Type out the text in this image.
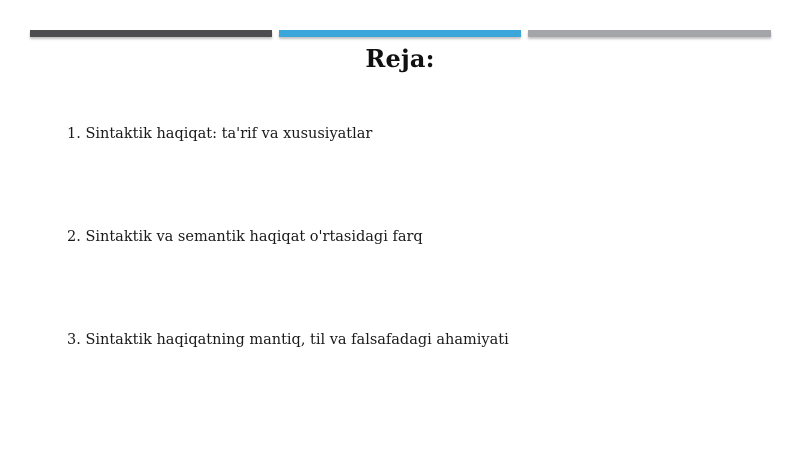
Reja:
1. Sintaktik haqiqat: ta'rif va xususiyatlar
2. Sintaktik va semantik haqiqat o'rtasidagi farq
3. Sintaktik haqiqatning mantiq, til va falsafadagi ahamiyati
